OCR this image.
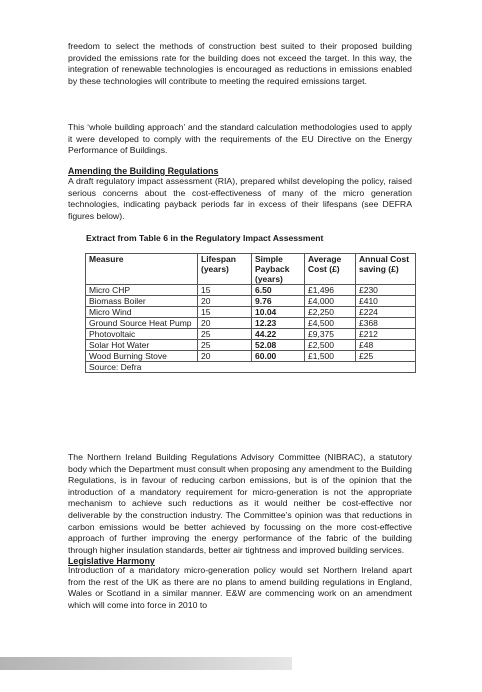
freedom to select the methods of construction best suited to their proposed building provided the emissions rate for the building does not exceed the target. In this way, the integration of renewable technologies is encouraged as reductions in emissions enabled by these technologies will contribute to meeting the required emissions target.

This ‘whole building approach’ and the standard calculation methodologies used to apply it were developed to comply with the requirements of the EU Directive on the Energy Performance of Buildings.

Amending the Building Regulations

A draft regulatory impact assessment (RIA), prepared whilst developing the policy, raised serious concerns about the cost-effectiveness of many of the micro generation technologies, indicating payback periods far in excess of their lifespans (see DEFRA figures below).

Extract from Table 6 in the Regulatory Impact Assessment
Measure	Lifespan (years)	Simple Payback (years)	Average Cost (£)	Annual Cost saving (£)
Micro CHP	15	6.50	£1,496	£230
Biomass Boiler	20	9.76	£4,000	£410
Micro Wind	15	10.04	£2,250	£224
Ground Source Heat Pump	20	12.23	£4,500	£368
Photovoltaic	25	44.22	£9,375	£212
Solar Hot Water	25	52.08	£2,500	£48
Wood Burning Stove	20	60.00	£1,500	£25
Source: Defra				

The Northern Ireland Building Regulations Advisory Committee (NIBRAC), a statutory body which the Department must consult when proposing any amendment to the Building Regulations, is in favour of reducing carbon emissions, but is of the opinion that the introduction of a mandatory requirement for micro-generation is not the appropriate mechanism to achieve such reductions as it would neither be cost-effective nor deliverable by the construction industry. The Committee’s opinion was that reductions in carbon emissions would be better achieved by focussing on the more cost-effective approach of further improving the energy performance of the fabric of the building through higher insulation standards, better air tightness and improved building services.

Legislative Harmony

Introduction of a mandatory micro-generation policy would set Northern Ireland apart from the rest of the UK as there are no plans to amend building regulations in England, Wales or Scotland in a similar manner. E&W are commencing work on an amendment which will come into force in 2010 to
